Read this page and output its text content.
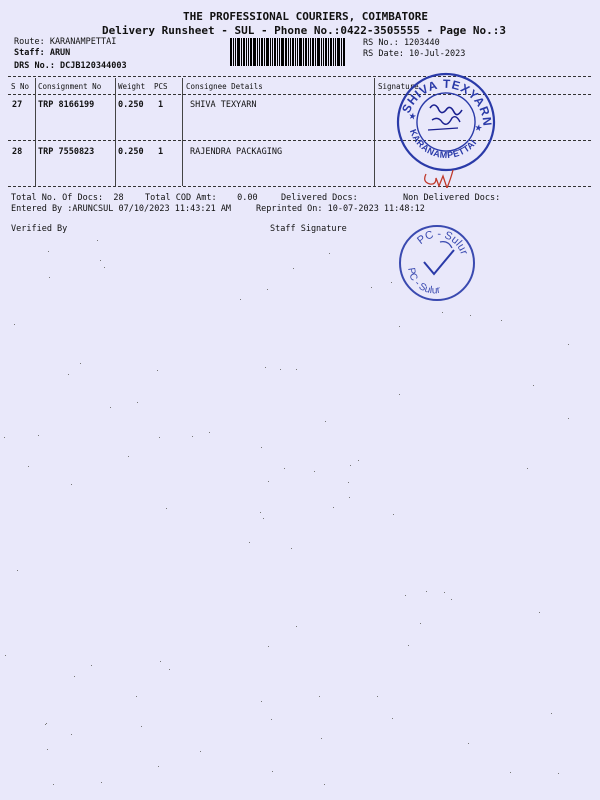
THE PROFESSIONAL COURIERS, COIMBATORE
Delivery Runsheet - SUL - Phone No.:0422-3505555 - Page No.:3
Route: KARANAMPETTAI
Staff: ARUN
DRS No.: DCJB120344003
RS No.: 1203440
RS Date: 10-Jul-2023
S No Consignment No Weight PCS Consignee Details	Signature
27 TRP 8166199	0.250 1	SHIVA TEXYARN
28 TRP 7550823	0.250 1	RAJENDRA PACKAGING
Total No. Of Docs:  28	Total COD Amt:    0.00	Delivered Docs:	Non Delivered Docs:
Entered By :ARUNCSUL 07/10/2023 11:43:21 AM	Reprinted On: 10-07-2023 11:48:12
Verified By	Staff Signature
SHIVA TEXYARN
KARANAMPETTAI
★
★
PC - Sulur
PC - Sulur
